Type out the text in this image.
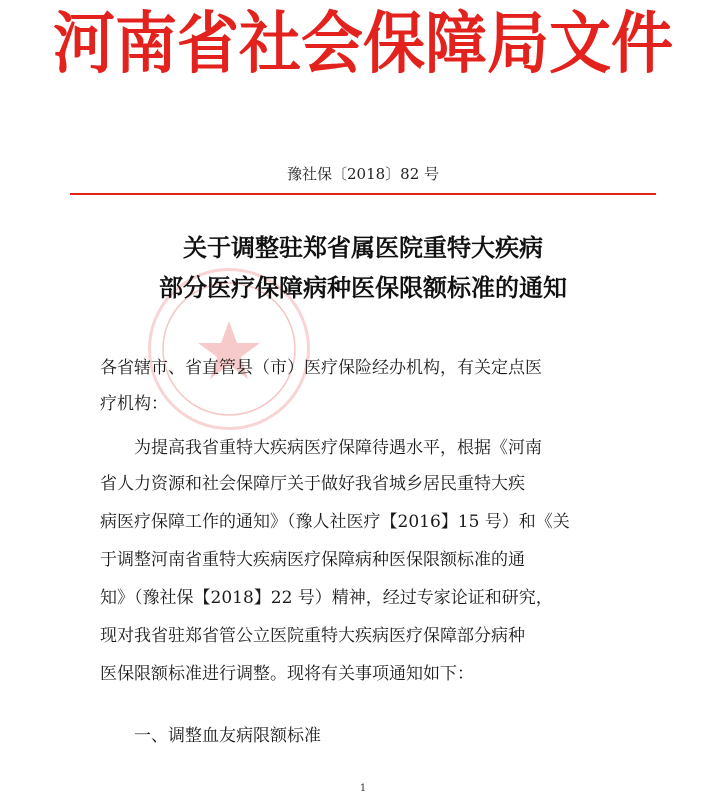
河南省社会保障局文件
豫社保〔2018〕82 号
关于调整驻郑省属医院重特大疾病
部分医疗保障病种医保限额标准的通知
各省辖市、省直管县（市）医疗保险经办机构，有关定点医
疗机构：
为提高我省重特大疾病医疗保障待遇水平，根据《河南
省人力资源和社会保障厅关于做好我省城乡居民重特大疾
病医疗保障工作的通知》（豫人社医疗【2016】15 号）和《关
于调整河南省重特大疾病医疗保障病种医保限额标准的通
知》（豫社保【2018】22 号）精神，经过专家论证和研究，
现对我省驻郑省管公立医院重特大疾病医疗保障部分病种
医保限额标准进行调整。现将有关事项通知如下：
一、调整血友病限额标准
1
